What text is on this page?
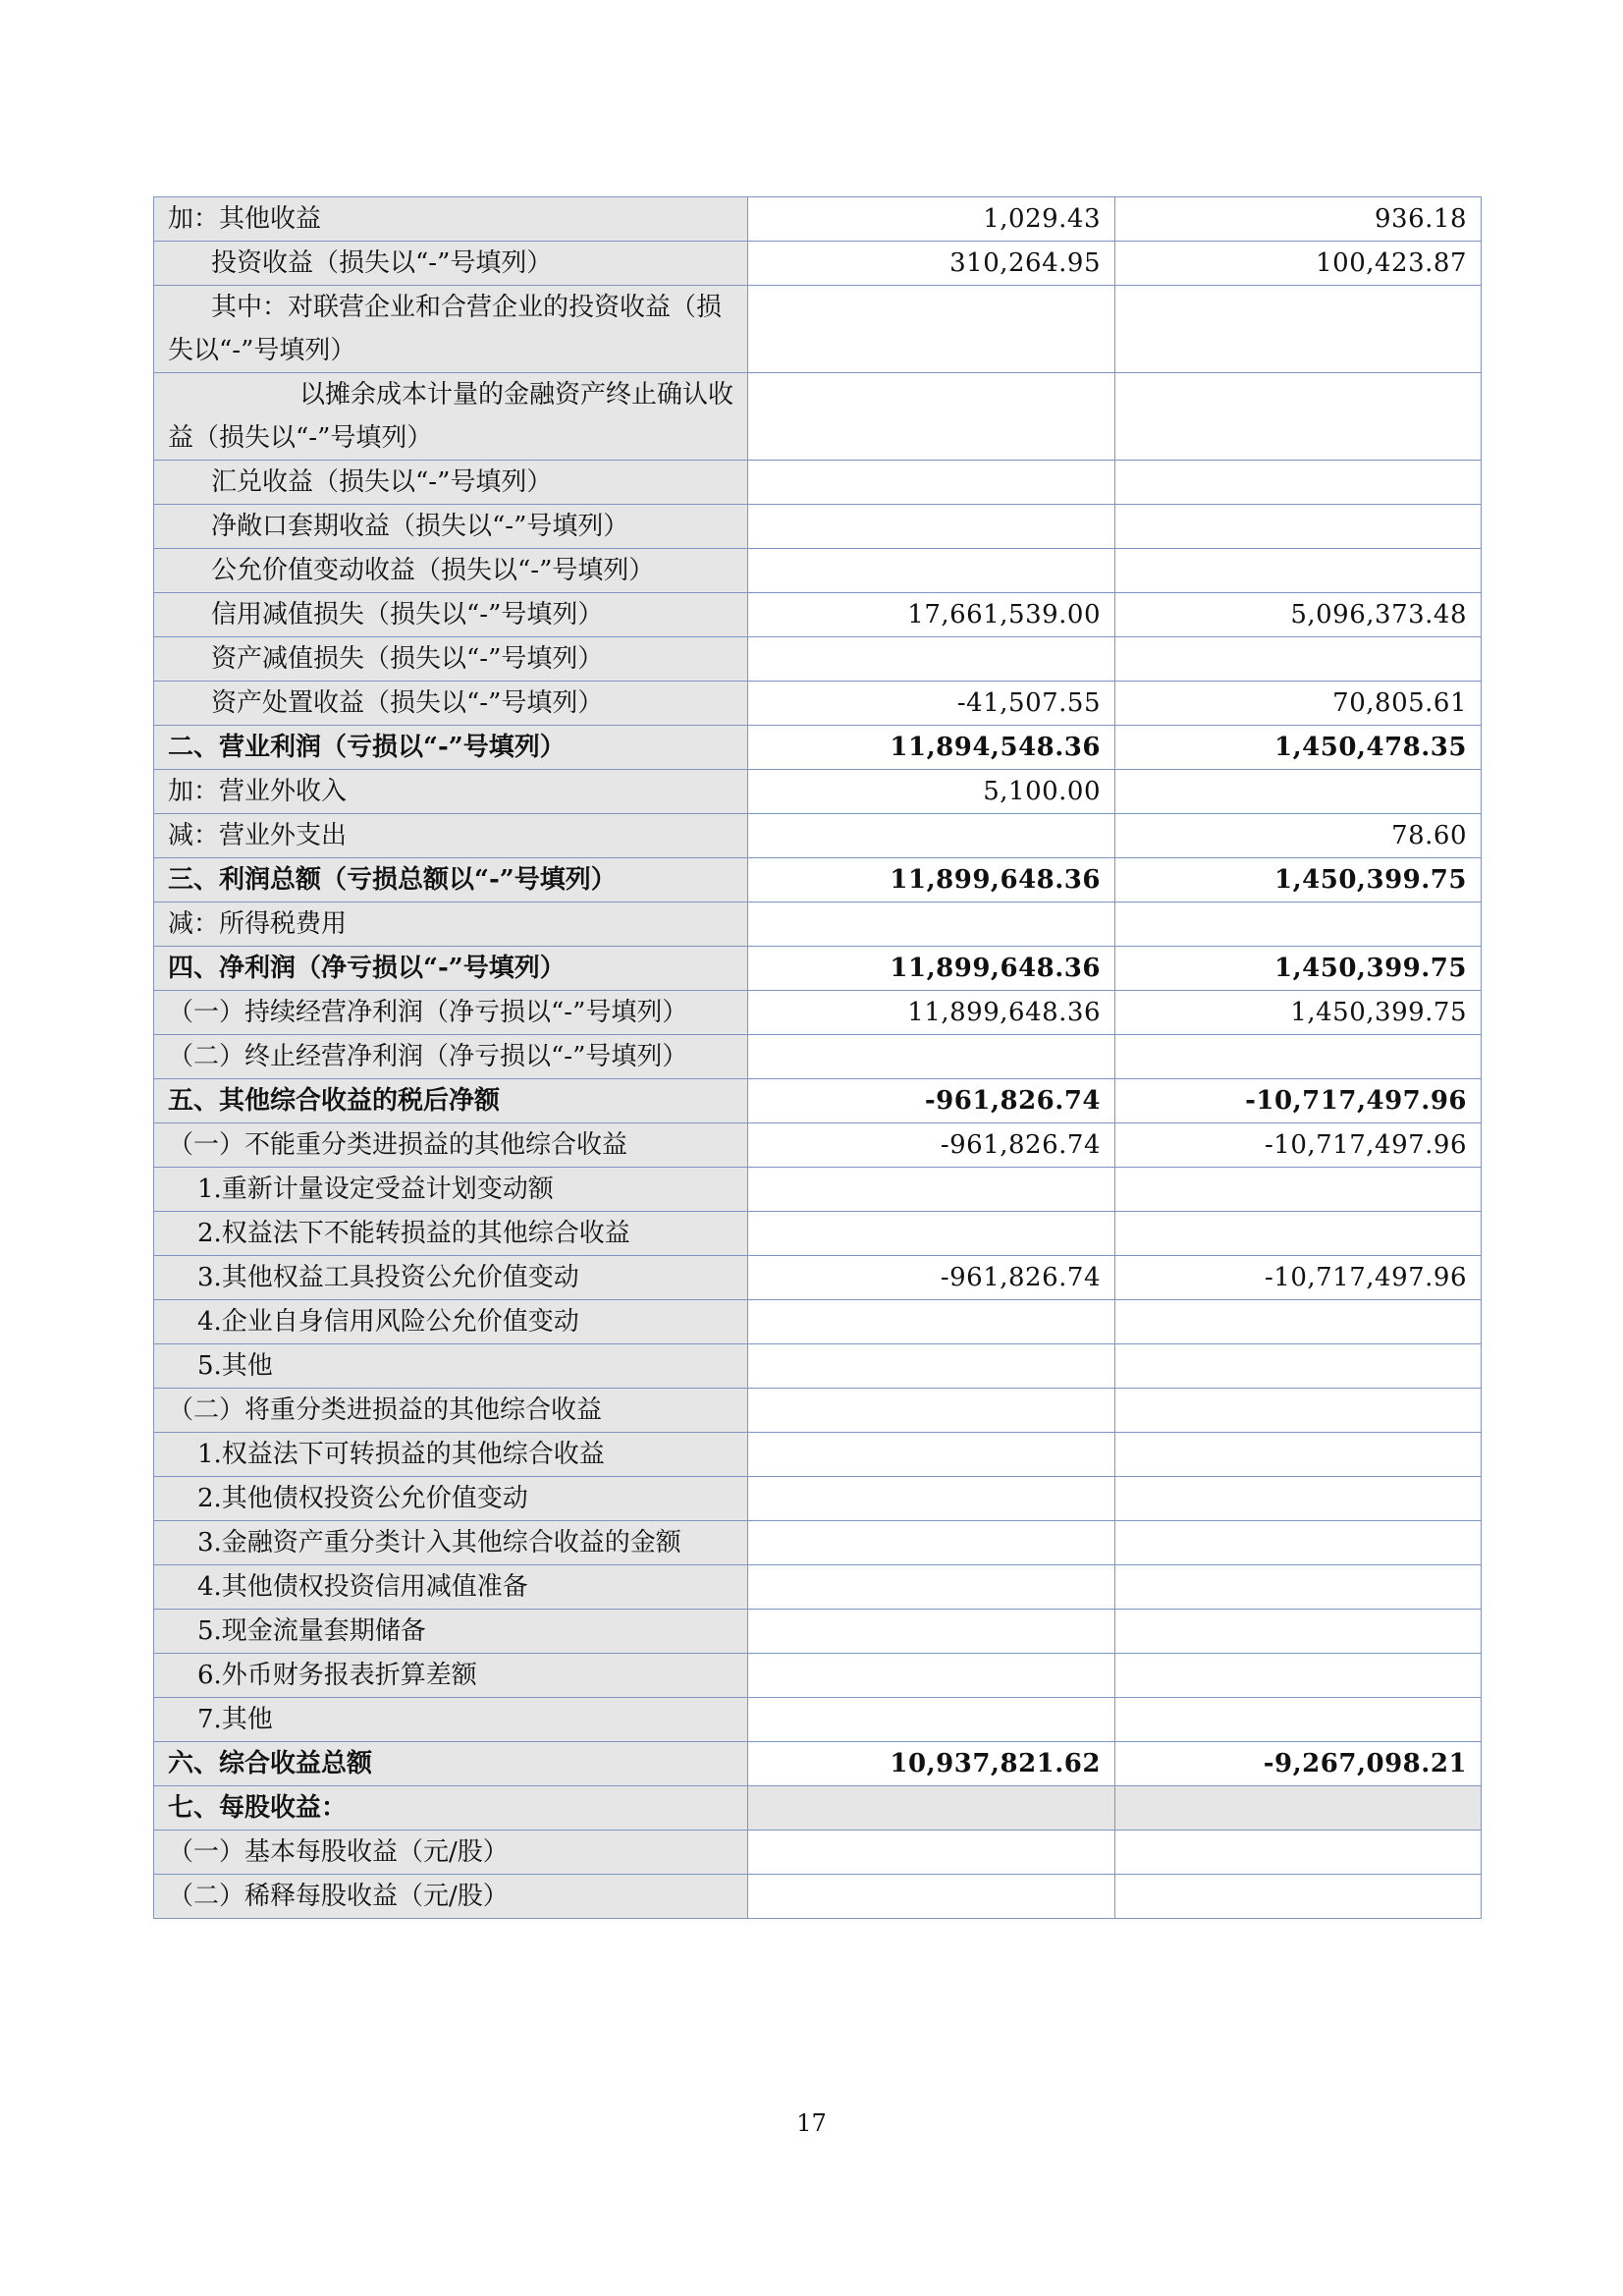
加：其他收益	1,029.43	936.18
投资收益（损失以“-”号填列）	310,264.95	100,423.87
其中：对联营企业和合营企业的投资收益（损失以“-”号填列）		
以摊余成本计量的金融资产终止确认收益（损失以“-”号填列）		
汇兑收益（损失以“-”号填列）		
净敞口套期收益（损失以“-”号填列）		
公允价值变动收益（损失以“-”号填列）		
信用减值损失（损失以“-”号填列）	17,661,539.00	5,096,373.48
资产减值损失（损失以“-”号填列）		
资产处置收益（损失以“-”号填列）	-41,507.55	70,805.61
二、营业利润（亏损以“-”号填列）	11,894,548.36	1,450,478.35
加：营业外收入	5,100.00	
减：营业外支出		78.60
三、利润总额（亏损总额以“-”号填列）	11,899,648.36	1,450,399.75
减：所得税费用		
四、净利润（净亏损以“-”号填列）	11,899,648.36	1,450,399.75
（一）持续经营净利润（净亏损以“-”号填列）	11,899,648.36	1,450,399.75
（二）终止经营净利润（净亏损以“-”号填列）		
五、其他综合收益的税后净额	-961,826.74	-10,717,497.96
（一）不能重分类进损益的其他综合收益	-961,826.74	-10,717,497.96
1.重新计量设定受益计划变动额		
2.权益法下不能转损益的其他综合收益		
3.其他权益工具投资公允价值变动	-961,826.74	-10,717,497.96
4.企业自身信用风险公允价值变动		
5.其他		
（二）将重分类进损益的其他综合收益		
1.权益法下可转损益的其他综合收益		
2.其他债权投资公允价值变动		
3.金融资产重分类计入其他综合收益的金额		
4.其他债权投资信用减值准备		
5.现金流量套期储备		
6.外币财务报表折算差额		
7.其他		
六、综合收益总额	10,937,821.62	-9,267,098.21
七、每股收益：		
（一）基本每股收益（元/股）		
（二）稀释每股收益（元/股）		
17
